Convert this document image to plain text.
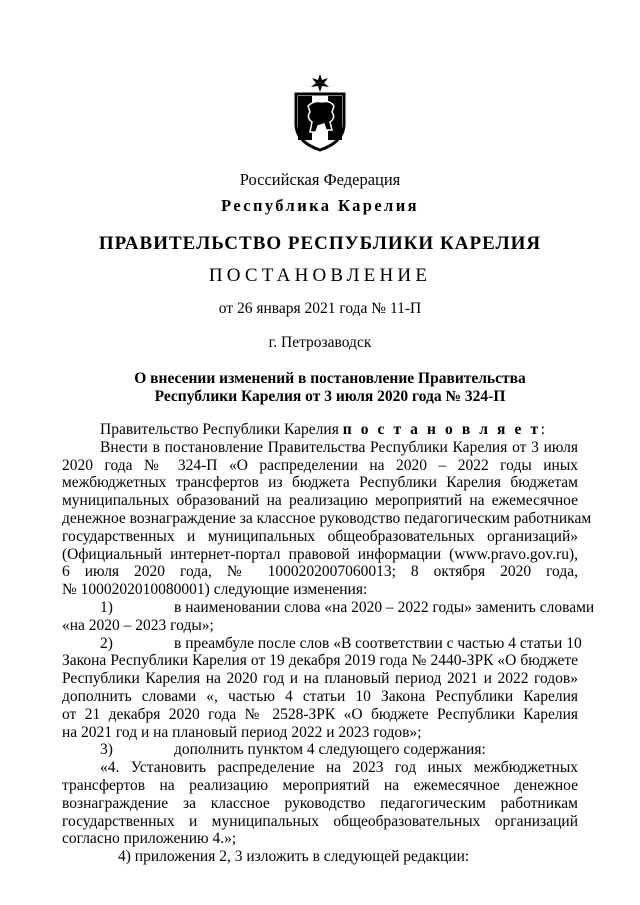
Российская Федерация
Республика Карелия
ПРАВИТЕЛЬСТВО РЕСПУБЛИКИ КАРЕЛИЯ
ПОСТАНОВЛЕНИЕ
от 26 января 2021 года № 11-П
г. Петрозаводск
О внесении изменений в постановление Правительства
Республики Карелия от 3 июля 2020 года № 324-П
Правительство Республики Карелия п о с т а н о в л я е т:
Внести в постановление Правительства Республики Карелия от 3 июля
2020 года № 324-П «О распределении на 2020 – 2022 годы иных
межбюджетных трансфертов из бюджета Республики Карелия бюджетам
муниципальных образований на реализацию мероприятий на ежемесячное
денежное вознаграждение за классное руководство педагогическим работникам
государственных и муниципальных общеобразовательных организаций»
(Официальный интернет-портал правовой информации (www.pravo.gov.ru),
6 июля 2020 года, № 1000202007060013; 8 октября 2020 года,
№ 1000202010080001) следующие изменения:
1)	в наименовании слова «на 2020 – 2022 годы» заменить словами
«на 2020 – 2023 годы»;
2)	в преамбуле после слов «В соответствии с частью 4 статьи 10
Закона Республики Карелия от 19 декабря 2019 года № 2440-ЗРК «О бюджете
Республики Карелия на 2020 год и на плановый период 2021 и 2022 годов»
дополнить словами «, частью 4 статьи 10 Закона Республики Карелия
от 21 декабря 2020 года № 2528-ЗРК «О бюджете Республики Карелия
на 2021 год и на плановый период 2022 и 2023 годов»;
3)	дополнить пунктом 4 следующего содержания:
«4. Установить распределение на 2023 год иных межбюджетных
трансфертов на реализацию мероприятий на ежемесячное денежное
вознаграждение за классное руководство педагогическим работникам
государственных и муниципальных общеобразовательных организаций
согласно приложению 4.»;
4) приложения 2, 3 изложить в следующей редакции:
